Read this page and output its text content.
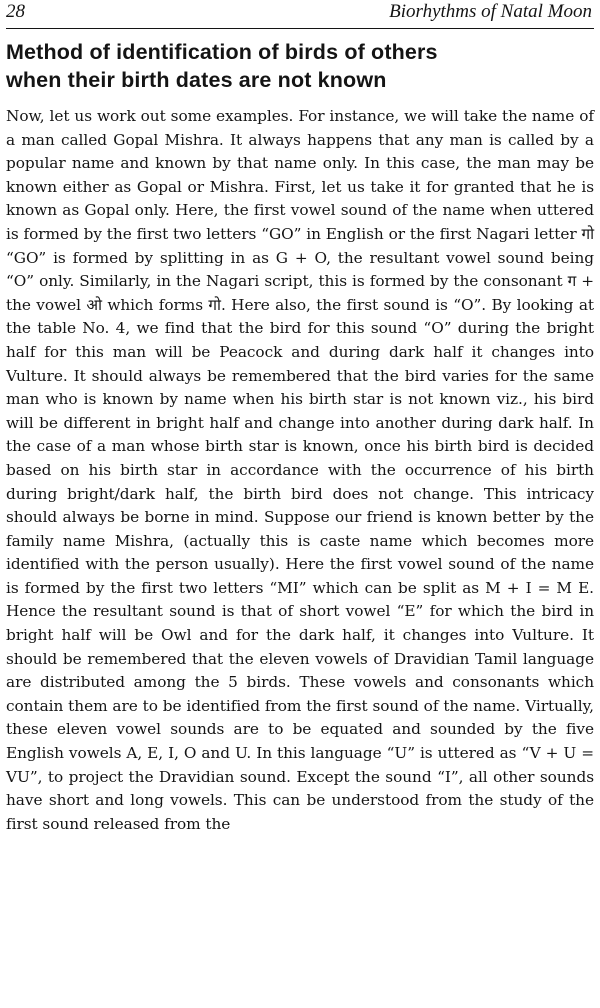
28	Biorhythms of Natal Moon
Method of identification of birds of others
when their birth dates are not known

Now, let us work out some examples. For instance, we will take the name of a man called Gopal Mishra. It always happens that any man is called by a popular name and known by that name only. In this case, the man may be known either as Gopal or Mishra. First, let us take it for granted that he is known as Gopal only. Here, the first vowel sound of the name when uttered is formed by the first two letters “GO” in English or the first Nagari letter गो “GO” is formed by splitting in as G + O, the resultant vowel sound being “O” only. Similarly, in the Nagari script, this is formed by the consonant ग + the vowel ओ which forms गो. Here also, the first sound is “O”. By looking at the table No. 4, we find that the bird for this sound “O” during the bright half for this man will be Peacock and during dark half it changes into Vulture. It should always be remembered that the bird varies for the same man who is known by name when his birth star is not known viz., his bird will be different in bright half and change into another during dark half. In the case of a man whose birth star is known, once his birth bird is decided based on his birth star in accordance with the occurrence of his birth during bright/dark half, the birth bird does not change. This intricacy should always be borne in mind. Suppose our friend is known better by the family name Mishra, (actually this is caste name which becomes more identified with the person usually). Here the first vowel sound of the name is formed by the first two letters “MI” which can be split as M + I = M E. Hence the resultant sound is that of short vowel “E” for which the bird in bright half will be Owl and for the dark half, it changes into Vulture. It should be remembered that the eleven vowels of Dravidian Tamil language are distributed among the 5 birds. These vowels and consonants which contain them are to be identified from the first sound of the name. Virtually, these eleven vowel sounds are to be equated and sounded by the five English vowels A, E, I, O and U. In this language “U” is uttered as “V + U = VU”, to project the Dravidian sound. Except the sound “I”, all other sounds have short and long vowels. This can be understood from the study of the first sound released from the
